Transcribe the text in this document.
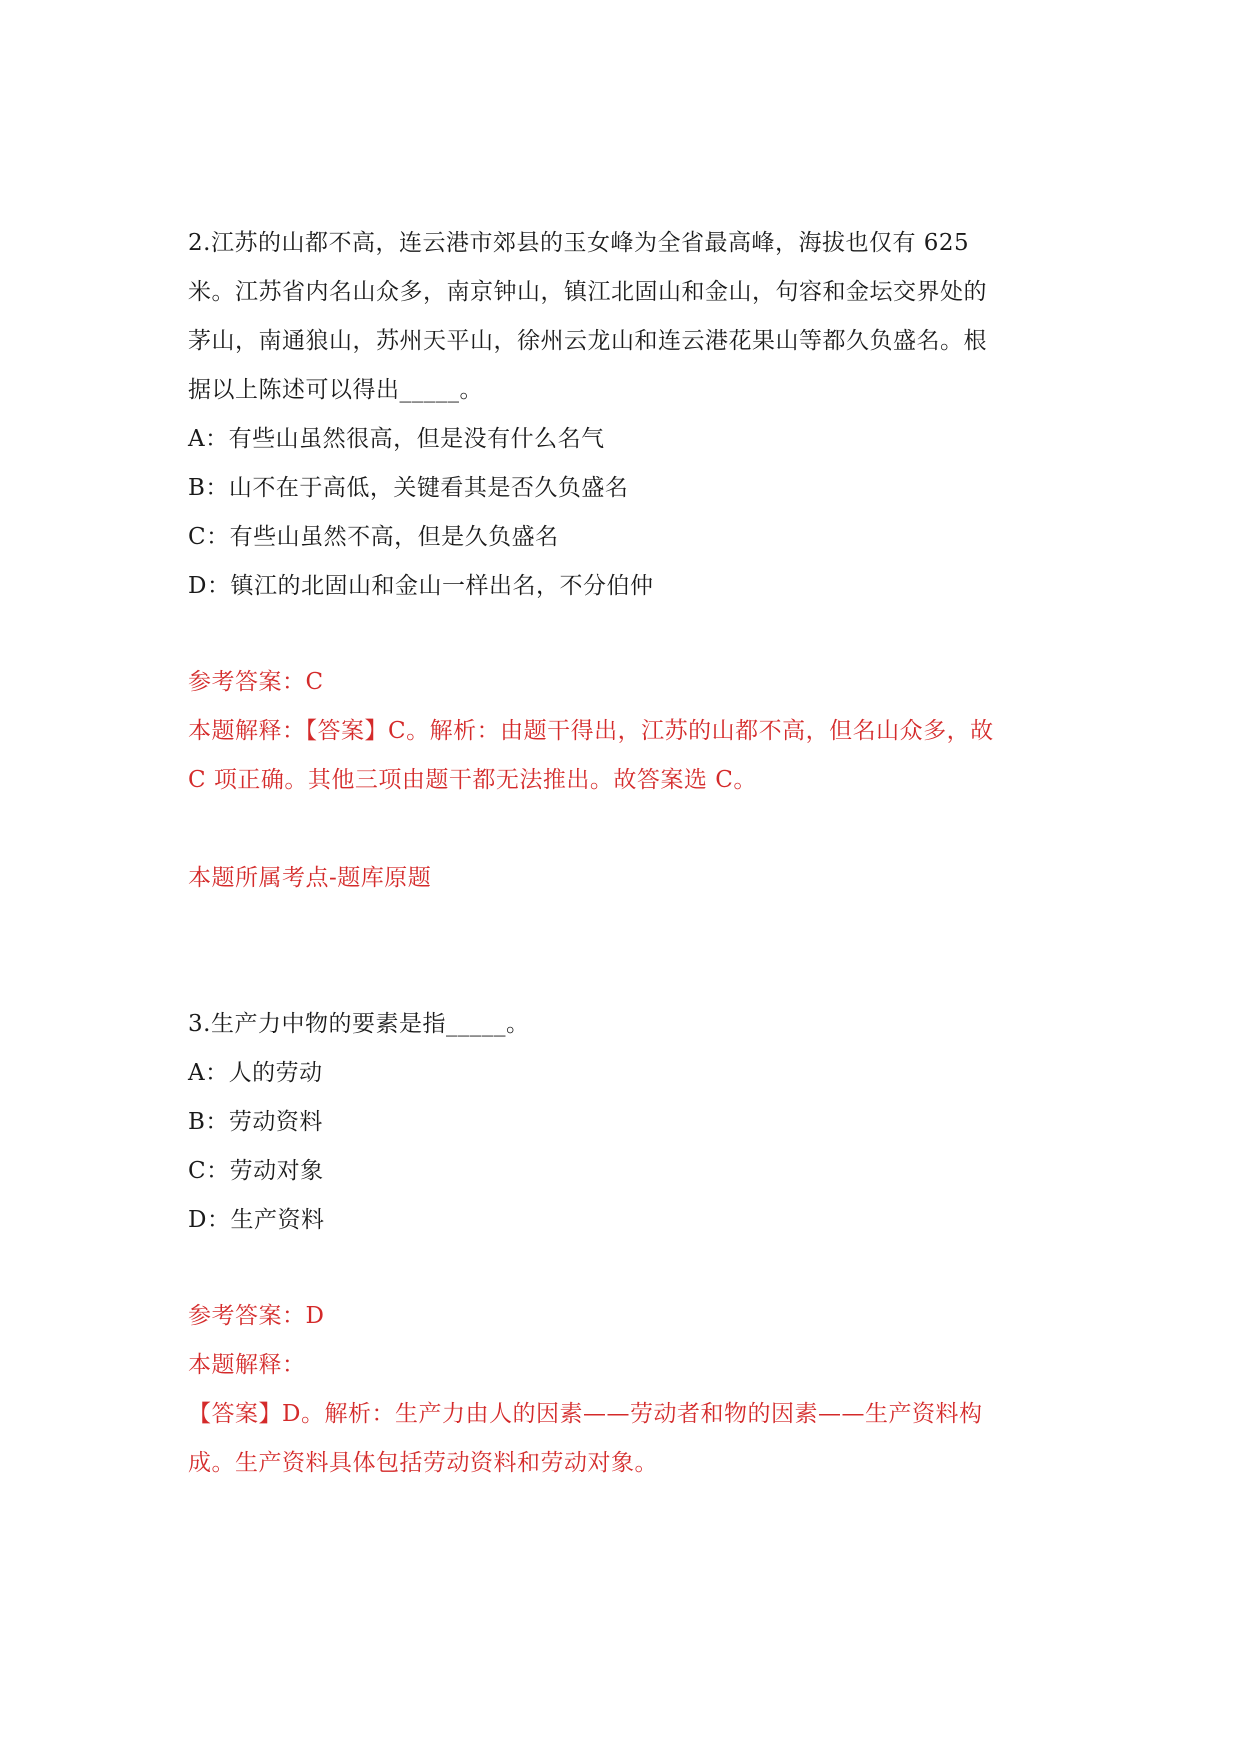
2.江苏的山都不高，连云港市郊县的玉女峰为全省最高峰，海拔也仅有 625
米。江苏省内名山众多，南京钟山，镇江北固山和金山，句容和金坛交界处的
茅山，南通狼山，苏州天平山，徐州云龙山和连云港花果山等都久负盛名。根
据以上陈述可以得出_____。
A：有些山虽然很高，但是没有什么名气
B：山不在于高低，关键看其是否久负盛名
C：有些山虽然不高，但是久负盛名
D：镇江的北固山和金山一样出名，不分伯仲
参考答案：C
本题解释：【答案】C。解析：由题干得出，江苏的山都不高，但名山众多，故
C 项正确。其他三项由题干都无法推出。故答案选 C。
本题所属考点-题库原题
3.生产力中物的要素是指_____。
A：人的劳动
B：劳动资料
C：劳动对象
D：生产资料
参考答案：D
本题解释：
【答案】D。解析：生产力由人的因素——劳动者和物的因素——生产资料构
成。生产资料具体包括劳动资料和劳动对象。
